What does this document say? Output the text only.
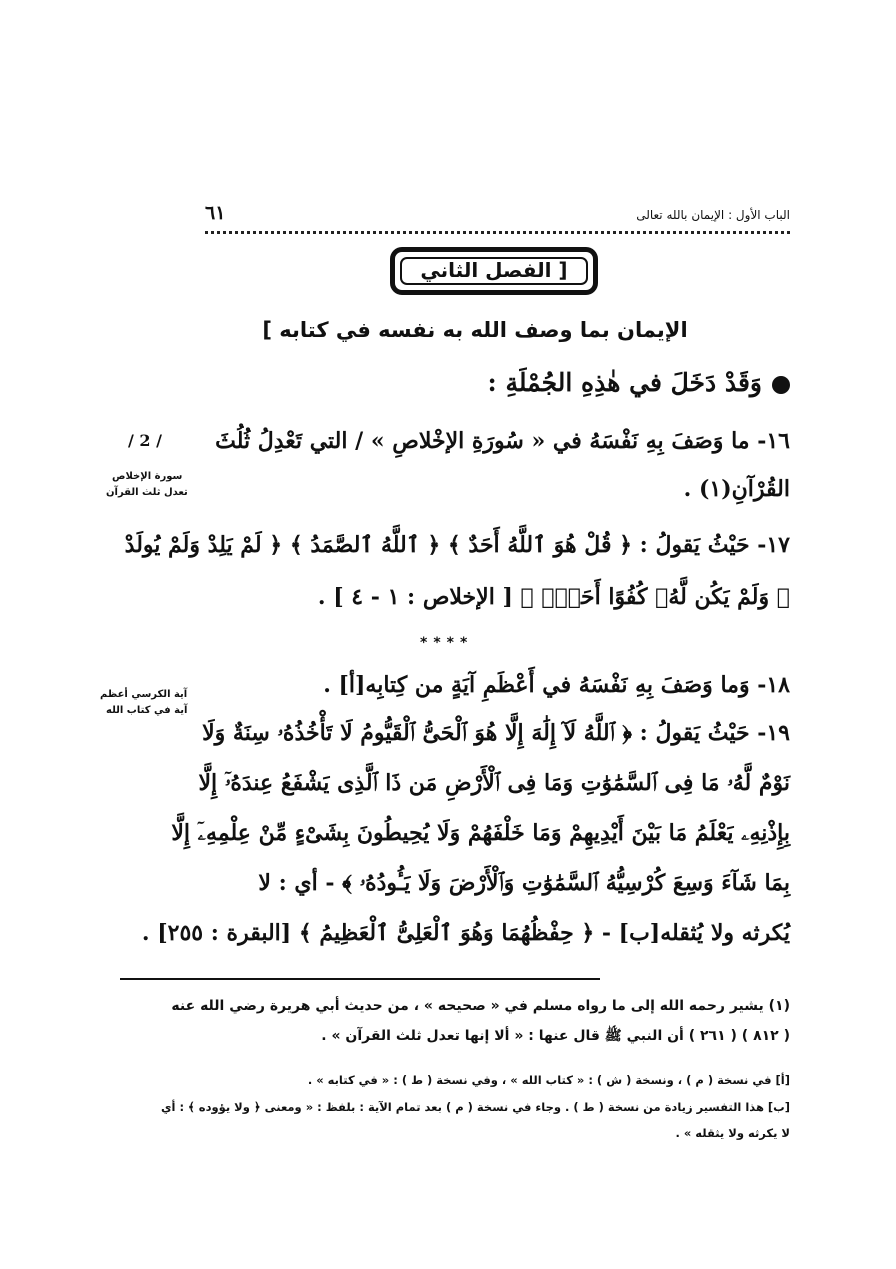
٦١	الباب الأول : الإيمان بالله تعالى
[ الفصل الثاني
الإيمان بما وصف الله به نفسه في كتابه ]
وَقَدْ دَخَلَ في هٰذِهِ الجُمْلَةِ :
١٦- ما وَصَفَ بِهِ نَفْسَهُ في « سُورَةِ الإخْلاصِ » / التي تَعْدِلُ ثُلُثَ
القُرْآنِ(١) .
١٧- حَيْثُ يَقولُ : ﴿ قُلْ هُوَ ٱللَّهُ أَحَدٌ ﴾ ﴿ ٱللَّهُ ٱلصَّمَدُ ﴾ ﴿ لَمْ يَلِدْ وَلَمْ يُولَدْ
﴿ وَلَمْ يَكُن لَّهُۥ كُفُوًا أَحَدٌۢ ﴾ [ الإخلاص : ١ - ٤ ] .
****
١٨- وَما وَصَفَ بِهِ نَفْسَهُ في أَعْظَمِ آيَةٍ من كِتابِه[أ] .
١٩- حَيْثُ يَقولُ : ﴿ ٱللَّهُ لَآ إِلَٰهَ إِلَّا هُوَ ٱلْحَىُّ ٱلْقَيُّومُ لَا تَأْخُذُهُۥ سِنَةٌ وَلَا
نَوْمٌ لَّهُۥ مَا فِى ٱلسَّمَٰوَٰتِ وَمَا فِى ٱلْأَرْضِ مَن ذَا ٱلَّذِى يَشْفَعُ عِندَهُۥٓ إِلَّا
بِإِذْنِهِۦ يَعْلَمُ مَا بَيْنَ أَيْدِيهِمْ وَمَا خَلْفَهُمْ وَلَا يُحِيطُونَ بِشَىْءٍ مِّنْ عِلْمِهِۦٓ إِلَّا
بِمَا شَآءَ وَسِعَ كُرْسِيُّهُ ٱلسَّمَٰوَٰتِ وَٱلْأَرْضَ وَلَا يَـُٔودُهُۥ ﴾ - أي : لا
يُكرثه ولا يُثقله[ب] - ﴿ حِفْظُهُمَا وَهُوَ ٱلْعَلِىُّ ٱلْعَظِيمُ ﴾ [البقرة : ٢٥٥] .
/ 2 /
سورة الإخلاص
تعدل ثلث القرآن
آية الكرسي أعظم
آية في كتاب الله
(١) يشير رحمه الله إلى ما رواه مسلم في « صحيحه » ، من حديث أبي هريرة رضي الله عنه
( ٨١٢ ) ( ٢٦١ ) أن النبي ﷺ قال عنها : « ألا إنها تعدل ثلث القرآن » .
[أ] في نسخة ( م ) ، ونسخة ( ش ) : « كتاب الله » ، وفي نسخة ( ط ) : « في كتابه » .
[ب] هذا التفسير زيادة من نسخة ( ط ) . وجاء في نسخة ( م ) بعد تمام الآية : بلفظ : « ومعنى ﴿ ولا يؤوده ﴾ : أي
لا يكرثه ولا يثقله » .
